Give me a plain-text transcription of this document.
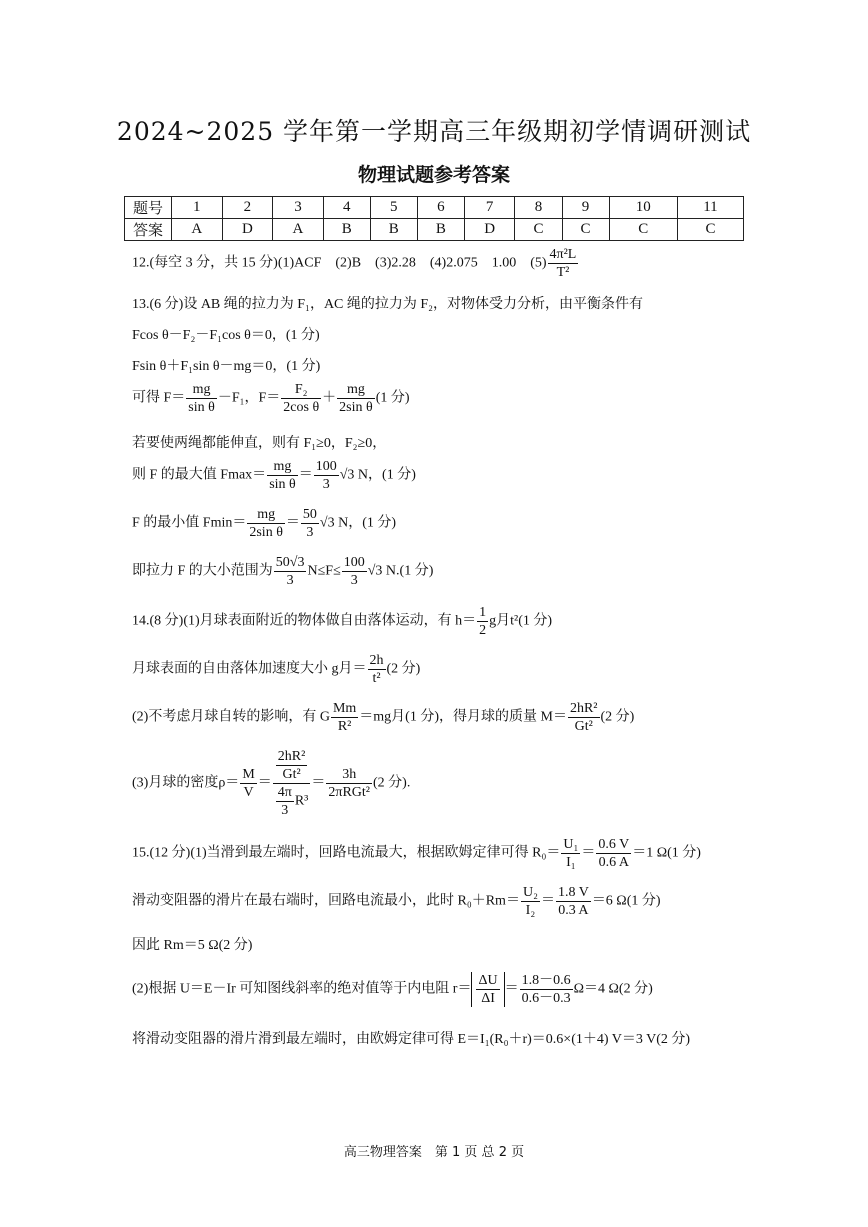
2024~2025 学年第一学期高三年级期初学情调研测试
物理试题参考答案
题号	1	2	3	4	5	6	7	8	9	10	11
答案	A	D	A	B	B	B	D	C	C	C	C
12.(每空 3 分，共 15 分)(1)ACF　(2)B　(3)2.28　(4)2.075　1.00　$(5) \frac{\text{4π²L}}{\text{T²}}$
13.(6 分)设 AB 绳的拉力为 F₁，AC 绳的拉力为 F₂，对物体受力分析，由平衡条件有
Fcos θ－F₂－F₁cos θ＝0，(1 分)
Fsin θ＋F₁sin θ－mg＝0，(1 分)
可得 $F= \frac{mg}{\text{sin θ}} -F_1$，$F= \frac{\text{F₂}}{\text{2cos θ}} + \frac{mg}{\text{2sin θ}} (1$ 分)
若要使两绳都能伸直，则有 F₁≥0，F₂≥0，
则 F 的最大值 $Fmax= \frac{mg}{\text{sin θ}} = \frac{100}{3} √3$ N，(1 分)
F 的最小值 $Fmin= \frac{mg}{\text{2sin θ}} = \frac{50}{3} √3$ N，(1 分)
即拉力 F 的大小范围为 $\frac{50√3}{3} N\le F\le \frac{100}{3} √3$ N.(1 分)
14.(8 分)(1)月球表面附近的物体做自由落体运动，有 $h= \frac{1}{2}$ g月t²(1 分)
月球表面的自由落体加速度大小 g月＝ $\frac{2h}{\text{t²}} (2$ 分)
(2)不考虑月球自转的影响，有 G $\frac{Mm}{\text{R²}} =mg$月(1 分)，得月球的质量 $M= \frac{\text{2hR²}}{\text{Gt²}} (2$ 分)
(3)月球的密度$\rho= \frac{M}{V} = \frac{\frac{\text{2hR²}}{\text{Gt²}}}{\frac{4\pi}{3} R^3} = \frac{3h}{\text{2πRGt²}} (2$ 分).
15.(12 分)(1)当滑到最左端时，回路电流最大，根据欧姆定律可得 $R_0= \frac{\text{U₁}}{\text{I₁}} = \frac{0.6 V}{0.6 A} =1$ Ω(1 分)
滑动变阻器的滑片在最右端时，回路电流最小，此时 $R_0+Rm= \frac{\text{U₂}}{\text{I₂}} = \frac{1.8 V}{0.3 A} =6$ Ω(1 分)
因此 Rm＝5 Ω(2 分)
(2)根据 U＝E－Ir 可知图线斜率的绝对值等于内电阻 $r= \frac{\Delta U}{\Delta I} = \frac{1.8-0.6}{0.6-0.3} \Omega=4$ Ω(2 分)
将滑动变阻器的滑片滑到最左端时，由欧姆定律可得 E＝I₁(R₀＋r)＝0.6×(1＋4) V＝3 V(2 分)
高三物理答案　第 1 页 总 2 页
